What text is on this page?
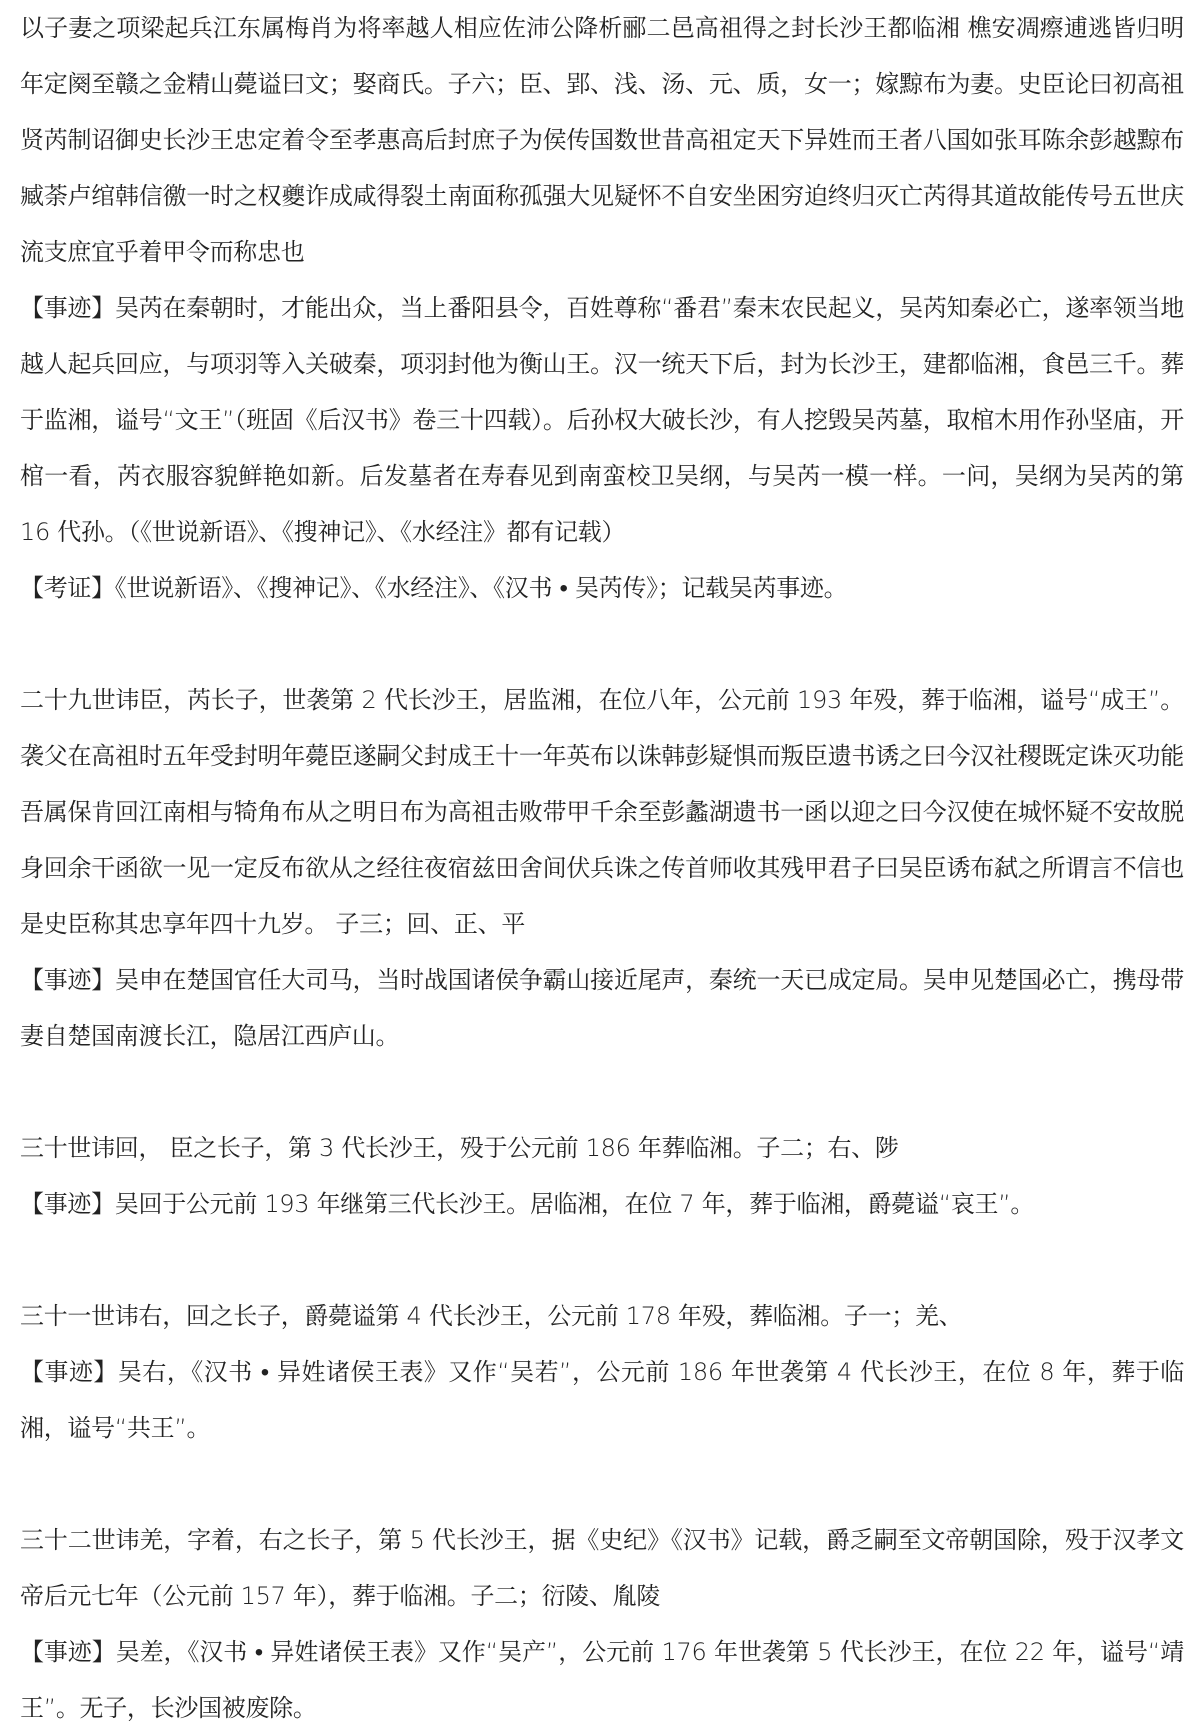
以子妻之项梁起兵江东属梅肖为将率越人相应佐沛公降析郦二邑高祖得之封长沙王都临湘 樵安凋瘵逋逃皆归明年定阕至赣之金精山薨谥曰文；娶商氏。子六；臣、郢、浅、汤、元、质，女一；嫁黥布为妻。史臣论曰初高祖贤芮制诏御史长沙王忠定着令至孝惠高后封庶子为侯传国数世昔高祖定天下异姓而王者八国如张耳陈余彭越黥布臧荼卢绾韩信徼一时之权夔诈成咸得裂土南面称孤强大见疑怀不自安坐困穷迫终归灭亡芮得其道故能传号五世庆流支庶宜乎着甲令而称忠也

【事迹】吴芮在秦朝时，才能出众，当上番阳县令，百姓尊称“番君”秦末农民起义，吴芮知秦必亡，遂率领当地越人起兵回应，与项羽等入关破秦，项羽封他为衡山王。汉一统天下后，封为长沙王，建都临湘，食邑三千。葬于监湘，谥号“文王”（班固《后汉书》卷三十四载）。后孙权大破长沙，有人挖毁吴芮墓，取棺木用作孙坚庙，开棺一看，芮衣服容貌鲜艳如新。后发墓者在寿春见到南蛮校卫吴纲，与吴芮一模一样。一问，吴纲为吴芮的第 16 代孙。（《世说新语》、《搜神记》、《水经注》都有记载）

【考证】《世说新语》、《搜神记》、《水经注》、《汉书 • 吴芮传》；记载吴芮事迹。

二十九世讳臣，芮长子，世袭第 2 代长沙王，居监湘，在位八年，公元前 193 年殁，葬于临湘，谥号“成王”。袭父在高祖时五年受封明年薨臣遂嗣父封成王十一年英布以诛韩彭疑惧而叛臣遗书诱之曰今汉社稷既定诛灭功能吾属保肯回江南相与犄角布从之明日布为高祖击败带甲千余至彭蠡湖遗书一函以迎之曰今汉使在城怀疑不安故脱身回余干函欲一见一定反布欲从之经往夜宿兹田舍间伏兵诛之传首师收其残甲君子曰吴臣诱布弑之所谓言不信也是史臣称其忠享年四十九岁。 子三；回、正、平

【事迹】吴申在楚国官任大司马，当时战国诸侯争霸山接近尾声，秦统一天已成定局。吴申见楚国必亡，携母带妻自楚国南渡长江，隐居江西庐山。

三十世讳回， 臣之长子，第 3 代长沙王，殁于公元前 186 年葬临湘。子二；右、陟

【事迹】吴回于公元前 193 年继第三代长沙王。居临湘，在位 7 年，葬于临湘，爵薨谥“哀王”。

三十一世讳右，回之长子，爵薨谥第 4 代长沙王，公元前 178 年殁，葬临湘。子一；羌、

【事迹】吴右，《汉书 • 异姓诸侯王表》又作“吴若”，公元前 186 年世袭第 4 代长沙王，在位 8 年，葬于临湘，谥号“共王”。

三十二世讳羌，字着，右之长子，第 5 代长沙王，据《史纪》《汉书》记载，爵乏嗣至文帝朝国除，殁于汉孝文帝后元七年（公元前 157 年），葬于临湘。子二；衍陵、胤陵

【事迹】吴差，《汉书 • 异姓诸侯王表》又作“吴产”，公元前 176 年世袭第 5 代长沙王，在位 22 年，谥号“靖王”。无子，长沙国被废除。
